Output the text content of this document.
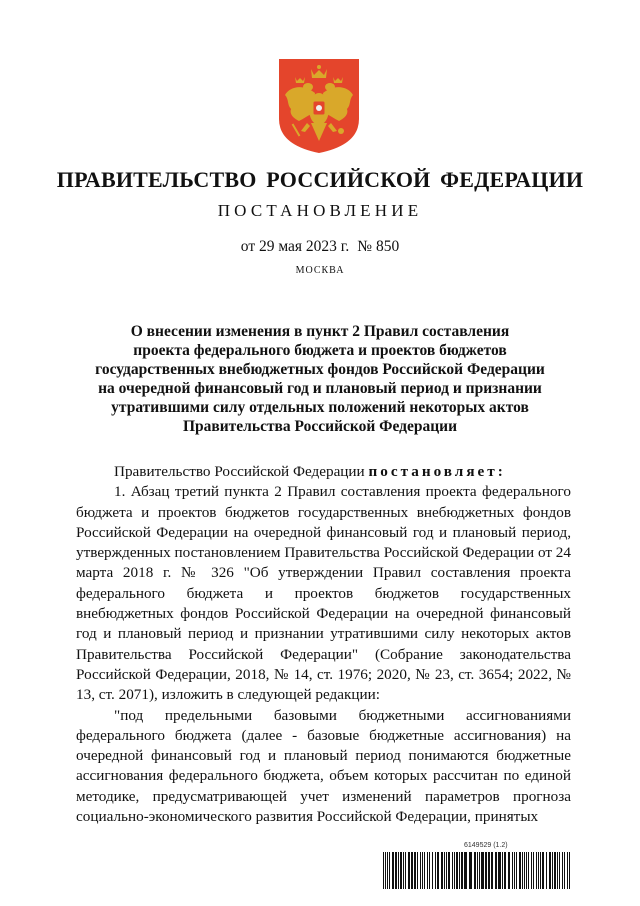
ПРАВИТЕЛЬСТВО РОССИЙСКОЙ ФЕДЕРАЦИИ
ПОСТАНОВЛЕНИЕ
от 29 мая 2023 г. № 850
МОСКВА
О внесении изменения в пункт 2 Правил составления
проекта федерального бюджета и проектов бюджетов
государственных внебюджетных фондов Российской Федерации
на очередной финансовый год и плановый период и признании
утратившими силу отдельных положений некоторых актов
Правительства Российской Федерации

Правительство Российской Федерации постановляет:

1. Абзац третий пункта 2 Правил составления проекта федерального бюджета и проектов бюджетов государственных внебюджетных фондов Российской Федерации на очередной финансовый год и плановый период, утвержденных постановлением Правительства Российской Федерации от 24 марта 2018 г. № 326 "Об утверждении Правил составления проекта федерального бюджета и проектов бюджетов государственных внебюджетных фондов Российской Федерации на очередной финансовый год и плановый период и признании утратившими силу некоторых актов Правительства Российской Федерации" (Собрание законодательства Российской Федерации, 2018, № 14, ст. 1976; 2020, № 23, ст. 3654; 2022, № 13, ст. 2071), изложить в следующей редакции:

"под предельными базовыми бюджетными ассигнованиями федерального бюджета (далее - базовые бюджетные ассигнования) на очередной финансовый год и плановый период понимаются бюджетные ассигнования федерального бюджета, объем которых рассчитан по единой методике, предусматривающей учет изменений параметров прогноза социально-экономического развития Российской Федерации, принятых

6149529 (1.2)
